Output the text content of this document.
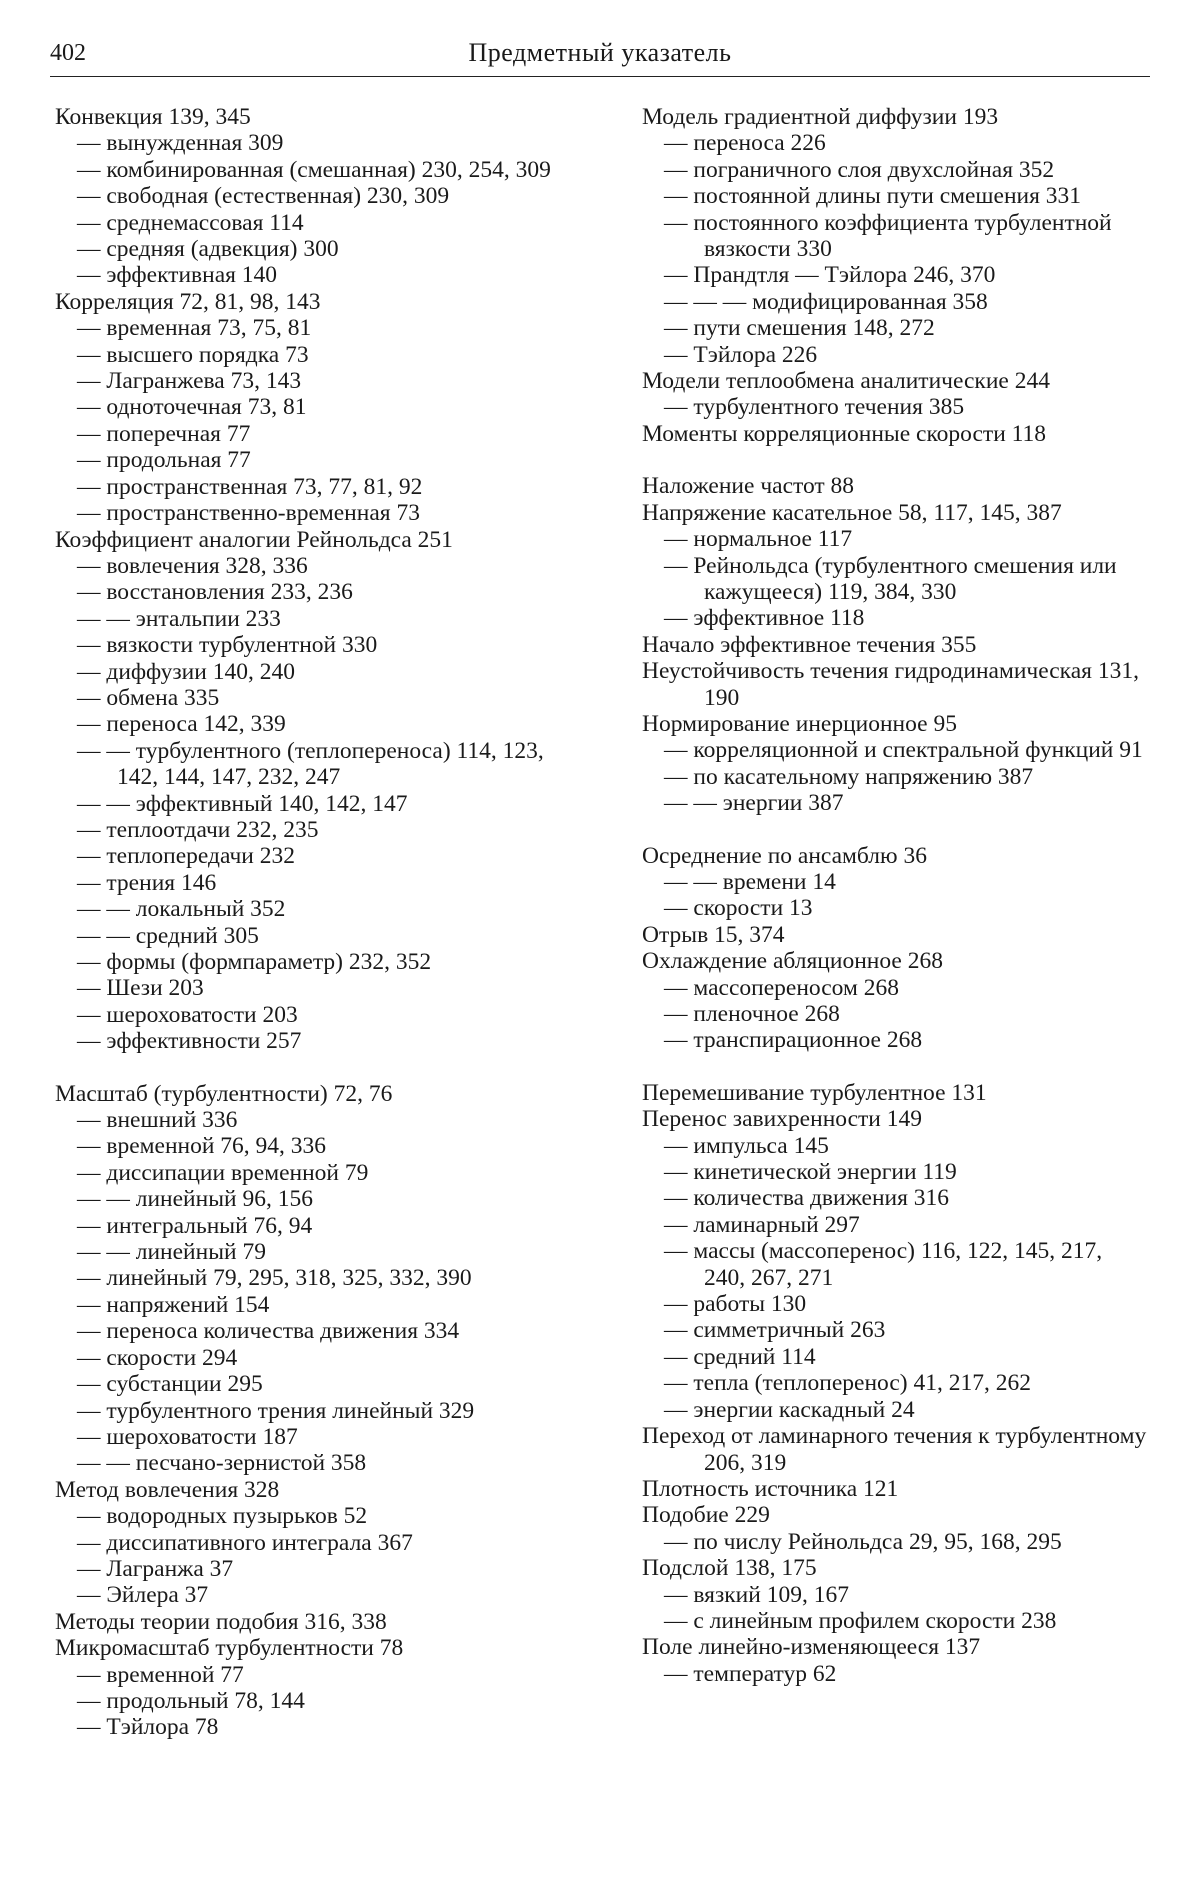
402	Предметный указатель
Конвекция 139, 345
— вынужденная 309
— комбинированная (смешанная) 230, 254, 309
— свободная (естественная) 230, 309
— среднемассовая 114
— средняя (адвекция) 300
— эффективная 140
Корреляция 72, 81, 98, 143
— временная 73, 75, 81
— высшего порядка 73
— Лагранжева 73, 143
— одноточечная 73, 81
— поперечная 77
— продольная 77
— пространственная 73, 77, 81, 92
— пространственно-временная 73
Коэффициент аналогии Рейнольдса 251
— вовлечения 328, 336
— восстановления 233, 236
— — энтальпии 233
— вязкости турбулентной 330
— диффузии 140, 240
— обмена 335
— переноса 142, 339
— — турбулентного (теплопереноса) 114, 123, 142, 144, 147, 232, 247
— — эффективный 140, 142, 147
— теплоотдачи 232, 235
— теплопередачи 232
— трения 146
— — локальный 352
— — средний 305
— формы (формпараметр) 232, 352
— Шези 203
— шероховатости 203
— эффективности 257
Масштаб (турбулентности) 72, 76
— внешний 336
— временной 76, 94, 336
— диссипации временной 79
— — линейный 96, 156
— интегральный 76, 94
— — линейный 79
— линейный 79, 295, 318, 325, 332, 390
— напряжений 154
— переноса количества движения 334
— скорости 294
— субстанции 295
— турбулентного трения линейный 329
— шероховатости 187
— — песчано-зернистой 358
Метод вовлечения 328
— водородных пузырьков 52
— диссипативного интеграла 367
— Лагранжа 37
— Эйлера 37
Методы теории подобия 316, 338
Микромасштаб турбулентности 78
— временной 77
— продольный 78, 144
— Тэйлора 78
Модель градиентной диффузии 193
— переноса 226
— пограничного слоя двухслойная 352
— постоянной длины пути смешения 331
— постоянного коэффициента турбулентной вязкости 330
— Прандтля — Тэйлора 246, 370
— — — модифицированная 358
— пути смешения 148, 272
— Тэйлора 226
Модели теплообмена аналитические 244
— турбулентного течения 385
Моменты корреляционные скорости 118
Наложение частот 88
Напряжение касательное 58, 117, 145, 387
— нормальное 117
— Рейнольдса (турбулентного смешения или кажущееся) 119, 384, 330
— эффективное 118
Начало эффективное течения 355
Неустойчивость течения гидродинамическая 131, 190
Нормирование инерционное 95
— корреляционной и спектральной функций 91
— по касательному напряжению 387
— — энергии 387
Осреднение по ансамблю 36
— — времени 14
— скорости 13
Отрыв 15, 374
Охлаждение абляционное 268
— массопереносом 268
— пленочное 268
— транспирационное 268
Перемешивание турбулентное 131
Перенос завихренности 149
— импульса 145
— кинетической энергии 119
— количества движения 316
— ламинарный 297
— массы (массоперенос) 116, 122, 145, 217, 240, 267, 271
— работы 130
— симметричный 263
— средний 114
— тепла (теплоперенос) 41, 217, 262
— энергии каскадный 24
Переход от ламинарного течения к турбулентному 206, 319
Плотность источника 121
Подобие 229
— по числу Рейнольдса 29, 95, 168, 295
Подслой 138, 175
— вязкий 109, 167
— с линейным профилем скорости 238
Поле линейно-изменяющееся 137
— температур 62
